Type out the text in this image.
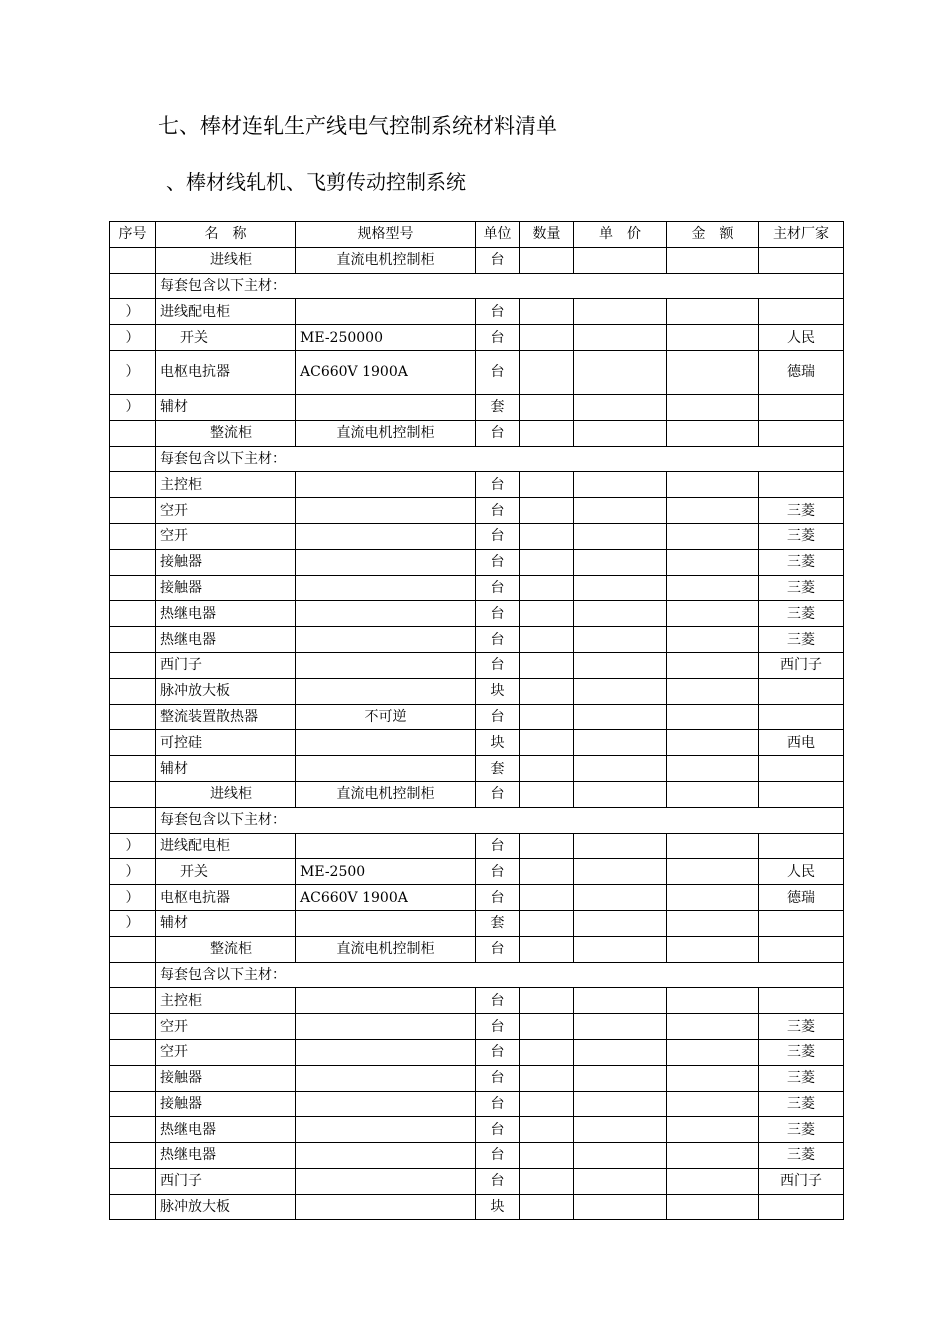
七、棒材连轧生产线电气控制系统材料清单
、棒材线轧机、飞剪传动控制系统
序号	名　称	规格型号	单位	数量	单　价	金　额	主材厂家
	进线柜	直流电机控制柜	台				
	每套包含以下主材：						
）	进线配电柜		台				
）	开关	ME-250000	台				人民
）	电枢电抗器	AC660V 1900A	台				德瑞
）	辅材		套				
	整流柜	直流电机控制柜	台				
	每套包含以下主材：						
	主控柜		台				
	空开		台				三菱
	空开		台				三菱
	接触器		台				三菱
	接触器		台				三菱
	热继电器		台				三菱
	热继电器		台				三菱
	西门子		台				西门子
	脉冲放大板		块				
	整流装置散热器	不可逆	台				
	可控硅		块				西电
	辅材		套				
	进线柜	直流电机控制柜	台				
	每套包含以下主材：						
）	进线配电柜		台				
）	开关	ME-2500	台				人民
）	电枢电抗器	AC660V 1900A	台				德瑞
）	辅材		套				
	整流柜	直流电机控制柜	台				
	每套包含以下主材：						
	主控柜		台				
	空开		台				三菱
	空开		台				三菱
	接触器		台				三菱
	接触器		台				三菱
	热继电器		台				三菱
	热继电器		台				三菱
	西门子		台				西门子
	脉冲放大板		块				
